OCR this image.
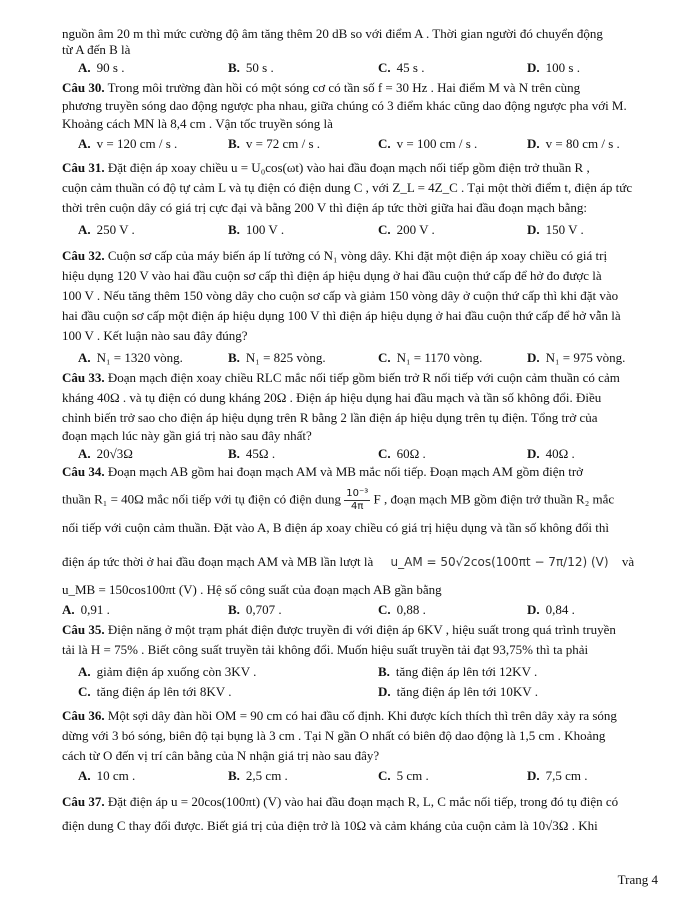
nguồn âm 20 m thì mức cường độ âm tăng thêm 20 dB so với điểm A . Thời gian người đó chuyển động
từ A đến B là
A. 90 s .	B. 50 s .	C. 45 s .	D. 100 s .
Câu 30. Trong môi trường đàn hồi có một sóng cơ có tần số f = 30 Hz . Hai điểm M và N trên cùng
phương truyền sóng dao động ngược pha nhau, giữa chúng có 3 điểm khác cũng dao động ngược pha với M.
Khoảng cách MN là 8,4 cm . Vận tốc truyền sóng là
A. v = 120 cm / s .	B. v = 72 cm / s .	C. v = 100 cm / s .	D. v = 80 cm / s .
Câu 31. Đặt điện áp xoay chiều u = U₀cos(ωt) vào hai đầu đoạn mạch nối tiếp gồm điện trở thuần R ,
cuộn cảm thuần có độ tự cảm L và tụ điện có điện dung C , với Z_L = 4Z_C . Tại một thời điểm t, điện áp tức
thời trên cuộn dây có giá trị cực đại và bằng 200 V thì điện áp tức thời giữa hai đầu đoạn mạch bằng:
A. 250 V .	B. 100 V .	C. 200 V .	D. 150 V .
Câu 32. Cuộn sơ cấp của máy biến áp lí tưởng có N₁ vòng dây. Khi đặt một điện áp xoay chiều có giá trị
hiệu dụng 120 V vào hai đầu cuộn sơ cấp thì điện áp hiệu dụng ở hai đầu cuộn thứ cấp để hở đo được là
100 V . Nếu tăng thêm 150 vòng dây cho cuộn sơ cấp và giảm 150 vòng dây ở cuộn thứ cấp thì khi đặt vào
hai đầu cuộn sơ cấp một điện áp hiệu dụng 100 V thì điện áp hiệu dụng ở hai đầu cuộn thứ cấp để hở vẫn là
100 V . Kết luận nào sau đây đúng?
A. N₁ = 1320 vòng.	B. N₁ = 825 vòng.	C. N₁ = 1170 vòng.	D. N₁ = 975 vòng.
Câu 33. Đoạn mạch điện xoay chiều RLC mắc nối tiếp gồm biến trở R nối tiếp với cuộn cảm thuần có cảm
kháng 40Ω . và tụ điện có dung kháng 20Ω . Điện áp hiệu dụng hai đầu mạch và tần số không đổi. Điều
chỉnh biến trở sao cho điện áp hiệu dụng trên R bằng 2 lần điện áp hiệu dụng trên tụ điện. Tổng trở của
đoạn mạch lúc này gần giá trị nào sau đây nhất?
A. 20√3Ω	B. 45Ω .	C. 60Ω .	D. 40Ω .
Câu 34. Đoạn mạch AB gồm hai đoạn mạch AM và MB mắc nối tiếp. Đoạn mạch AM gồm điện trở
thuần R₁ = 40Ω mắc nối tiếp với tụ điện có điện dung $\frac{\text{10⁻³}}{4\pi}$ F , đoạn mạch MB gồm điện trở thuần R₂ mắc
nối tiếp với cuộn cảm thuần. Đặt vào A, B điện áp xoay chiều có giá trị hiệu dụng và tần số không đổi thì
điện áp tức thời ở hai đầu đoạn mạch AM và MB lần lượt là u_AM = 50√2cos(100πt − 7π/12) (V) và
u_MB = 150cos100πt (V) . Hệ số công suất của đoạn mạch AB gần bằng
A. 0,91 .	B. 0,707 .	C. 0,88 .	D. 0,84 .
Câu 35. Điện năng ở một trạm phát điện được truyền đi với điện áp 6KV , hiệu suất trong quá trình truyền
tải là H = 75% . Biết công suất truyền tải không đổi. Muốn hiệu suất truyền tải đạt 93,75% thì ta phải
A. giảm điện áp xuống còn 3KV .	B. tăng điện áp lên tới 12KV .
C. tăng điện áp lên tới 8KV .	D. tăng điện áp lên tới 10KV .
Câu 36. Một sợi dây đàn hồi OM = 90 cm có hai đầu cố định. Khi được kích thích thì trên dây xảy ra sóng
dừng với 3 bó sóng, biên độ tại bụng là 3 cm . Tại N gần O nhất có biên độ dao động là 1,5 cm . Khoảng
cách từ O đến vị trí cân bằng của N nhận giá trị nào sau đây?
A. 10 cm .	B. 2,5 cm .	C. 5 cm .	D. 7,5 cm .
Câu 37. Đặt điện áp u = 20cos(100πt) (V) vào hai đầu đoạn mạch R, L, C mắc nối tiếp, trong đó tụ điện có
điện dung C thay đổi được. Biết giá trị của điện trở là 10Ω và cảm kháng của cuộn cảm là 10√3Ω . Khi
Trang 4
